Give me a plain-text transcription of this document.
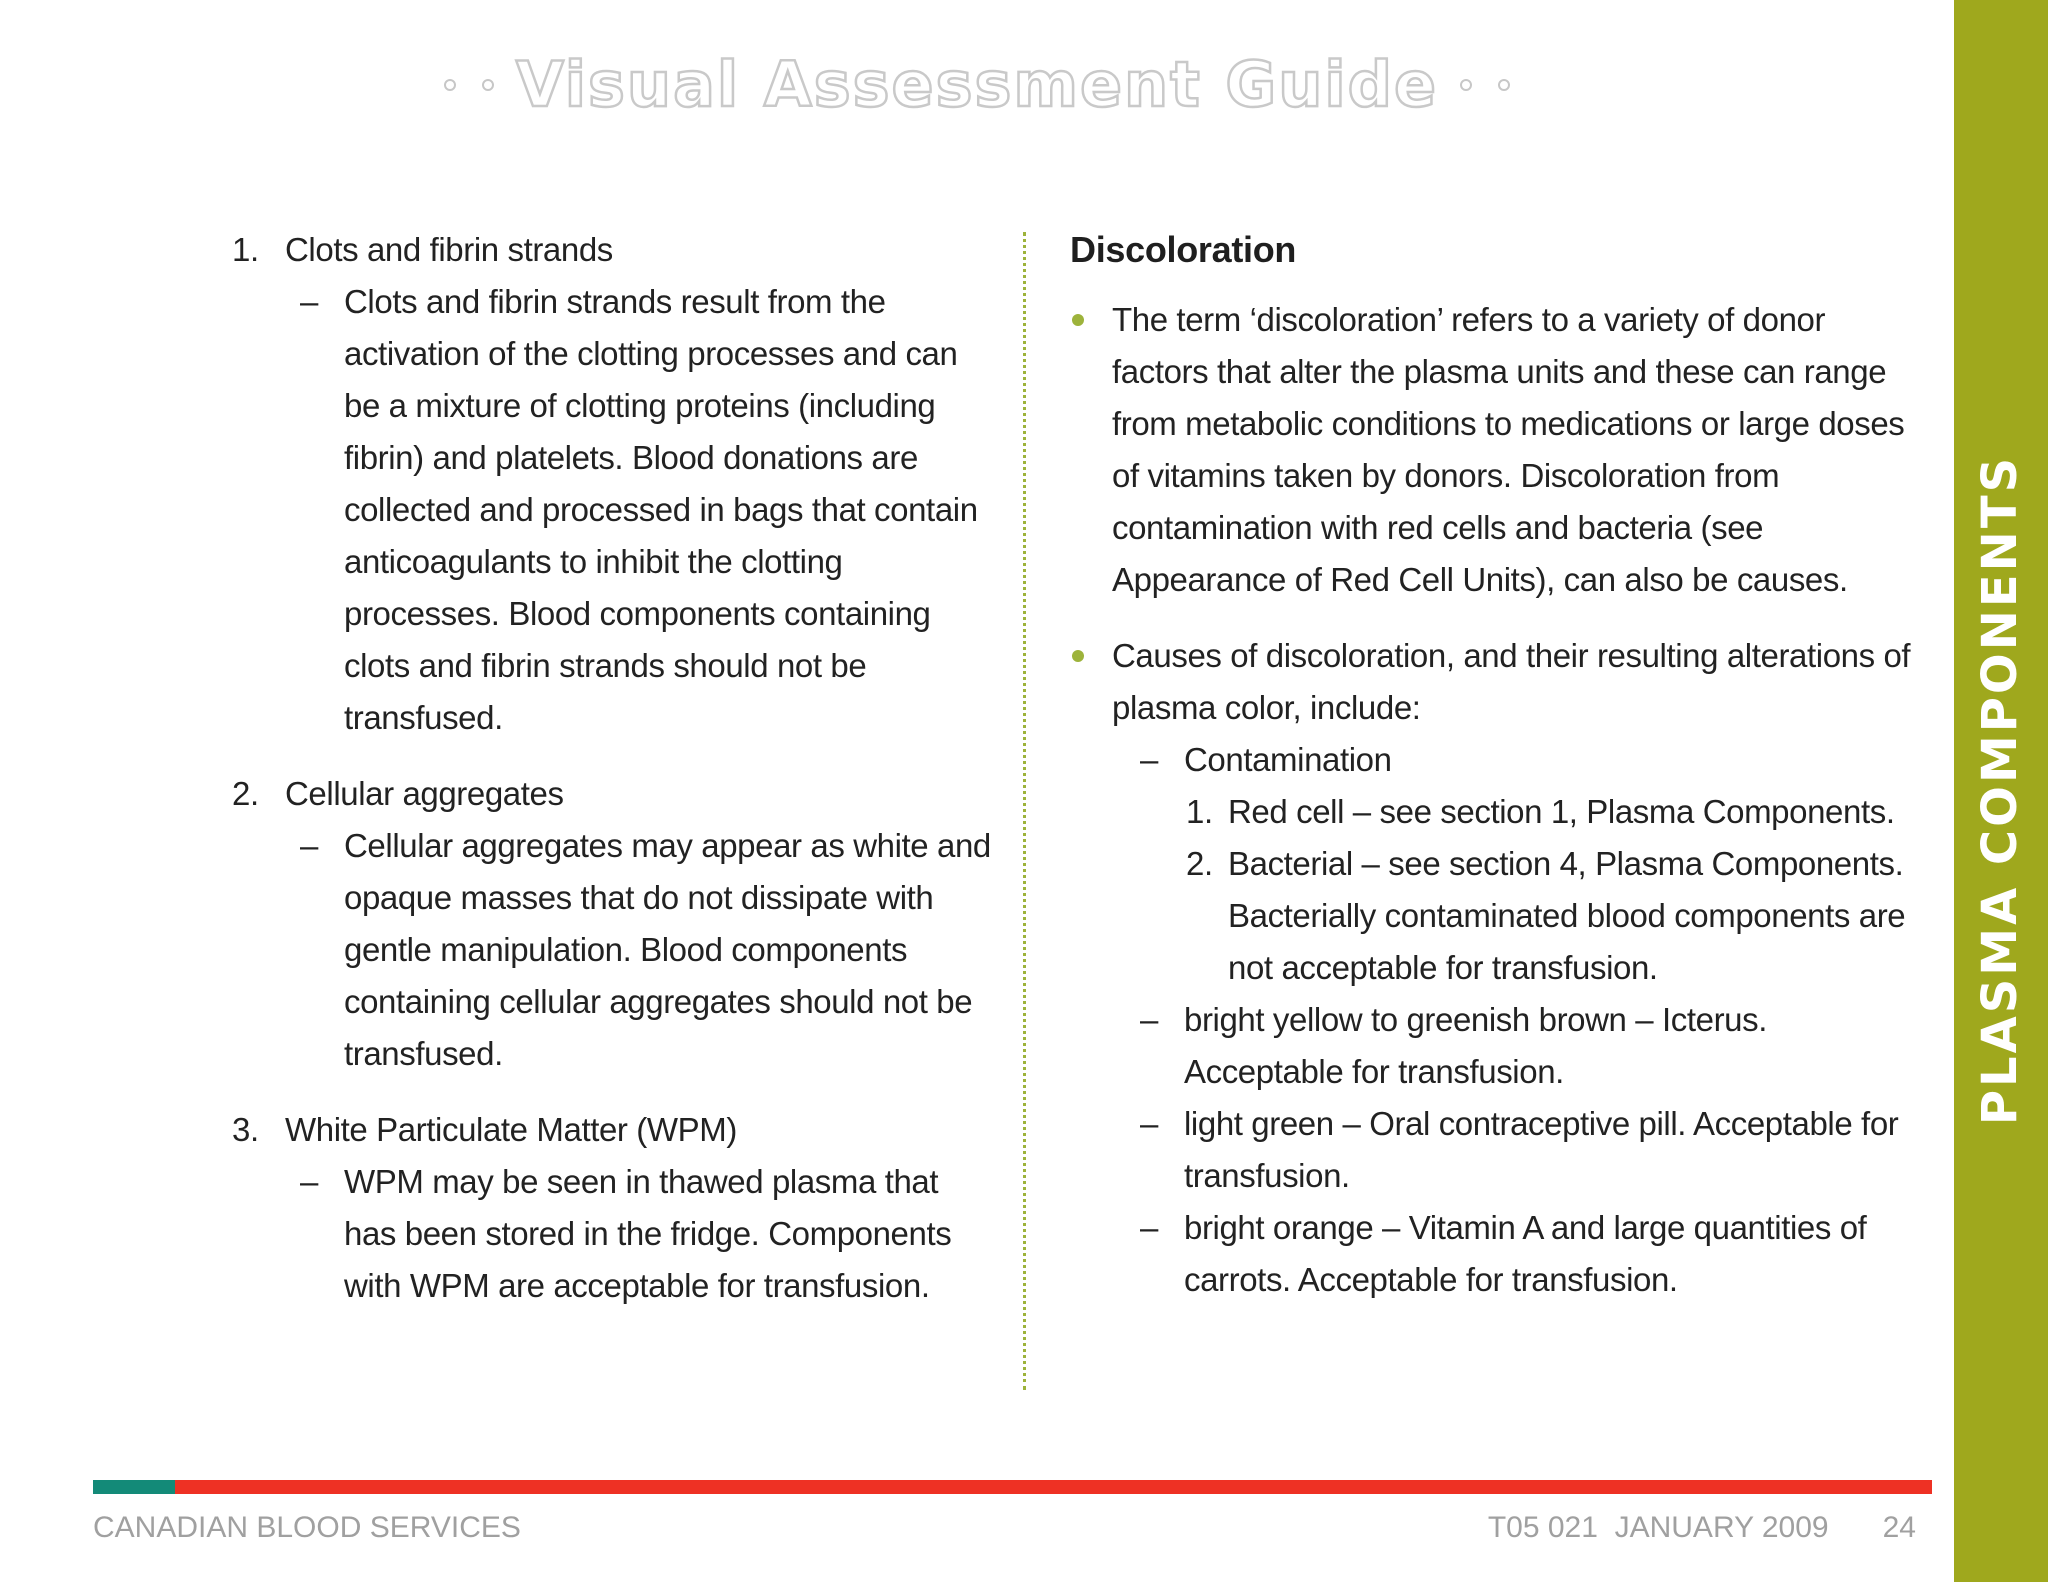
Visual Assessment Guide
1. Clots and fibrin strands
– Clots and fibrin strands result from the activation of the clotting processes and can be a mixture of clotting proteins (including fibrin) and platelets. Blood donations are collected and processed in bags that contain anticoagulants to inhibit the clotting processes. Blood components containing clots and fibrin strands should not be transfused.
2. Cellular aggregates
– Cellular aggregates may appear as white and opaque masses that do not dissipate with gentle manipulation. Blood components containing cellular aggregates should not be transfused.
3. White Particulate Matter (WPM)
– WPM may be seen in thawed plasma that has been stored in the fridge. Components with WPM are acceptable for transfusion.
Discoloration
The term ‘discoloration’ refers to a variety of donor factors that alter the plasma units and these can range from metabolic conditions to medications or large doses of vitamins taken by donors. Discoloration from contamination with red cells and bacteria (see Appearance of Red Cell Units), can also be causes.
Causes of discoloration, and their resulting alterations of plasma color, include:
– Contamination
1. Red cell – see section 1, Plasma Components.
2. Bacterial – see section 4, Plasma Components. Bacterially contaminated blood components are not acceptable for transfusion.
– bright yellow to greenish brown – Icterus. Acceptable for transfusion.
– light green – Oral contraceptive pill. Acceptable for transfusion.
– bright orange – Vitamin A and large quantities of carrots. Acceptable for transfusion.
PLASMA COMPONENTS
CANADIAN BLOOD SERVICES	T05 021  JANUARY 2009 24
